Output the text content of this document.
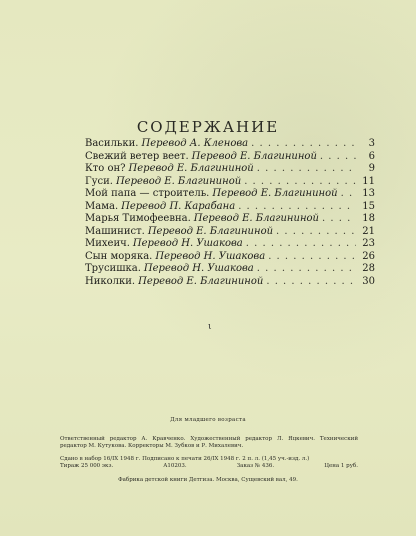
СОДЕРЖАНИЕ
Васильки. Перевод А. Кленова . . .	3
Свежий ветер веет. Перевод Е. Благининой . . .	6
Кто он? Перевод Е. Благининой . . .	9
Гуси. Перевод Е. Благининой . . .	11
Мой папа — строитель. Перевод Е. Благининой . . .	13
Мама. Перевод П. Карабана . . .	15
Марья Тимофеевна. Перевод Е. Благининой . . .	18
Машинист. Перевод Е. Благининой . . .	21
Михеич. Перевод Н. Ушакова . . .	23
Сын моряка. Перевод Н. Ушакова . . .	26
Трусишка. Перевод Н. Ушакова . . .	28
Николки. Перевод Е. Благининой . . .	30
ι
Для младшего возраста
Ответственный редактор А. Кравченко. Художественный редактор Л. Яцкевич. Технический редактор М. Кутукова. Корректоры М. Зубков и Р. Михалевич.
Сдано в набор 16/IX 1948 г. Подписано к печати 26/IX 1948 г. 2 п. л. (1,45 уч.-изд. л.)
Тираж 25 000 экз.	А10203.	Заказ № 436.	Цена 1 руб.
Фабрика детской книги Детгиза. Москва, Сущевский вал, 49.
